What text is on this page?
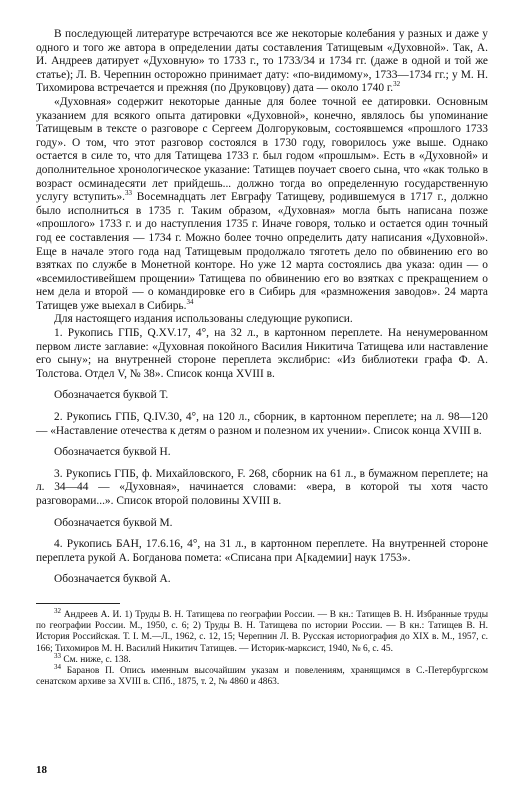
В последующей литературе встречаются все же некоторые колебания у разных и даже у одного и того же автора в определении даты составления Татищевым «Духовной». Так, А. И. Андреев датирует «Духовную» то 1733 г., то 1733/34 и 1734 гг. (даже в одной и той же статье); Л. В. Черепнин осторожно принимает дату: «по-видимому», 1733—1734 гг.; у М. Н. Тихомирова встречается и прежняя (по Друковцову) дата — около 1740 г.$^{32}$

«Духовная» содержит некоторые данные для более точной ее датировки. Основным указанием для всякого опыта датировки «Духовной», конечно, являлось бы упоминание Татищевым в тексте о разговоре с Сергеем Долгоруковым, состоявшемся «прошлого 1733 году». О том, что этот разговор состоялся в 1730 году, говорилось уже выше. Однако остается в силе то, что для Татищева 1733 г. был годом «прошлым». Есть в «Духовной» и дополнительное хронологическое указание: Татищев поучает своего сына, что «как только в возраст осминадесяти лет прийдешь... должно тогда во определенную государственную услугу вступить».$^{33}$ Восемнадцать лет Евграфу Татищеву, родившемуся в 1717 г., должно было исполниться в 1735 г. Таким образом, «Духовная» могла быть написана позже «прошлого» 1733 г. и до наступления 1735 г. Иначе говоря, только и остается один точный год ее составления — 1734 г. Можно более точно определить дату написания «Духовной». Еще в начале этого года над Татищевым продолжало тяготеть дело по обвинению его во взятках по службе в Монетной конторе. Но уже 12 марта состоялись два указа: один — о «всемилостивейшем прощении» Татищева по обвинению его во взятках с прекращением о нем дела и второй — о командировке его в Сибирь для «размножения заводов». 24 марта Татищев уже выехал в Сибирь.$^{34}$

Для настоящего издания использованы следующие рукописи.

1. Рукопись ГПБ, Q.XV.17, 4°, на 32 л., в картонном переплете. На ненумерованном первом листе заглавие: «Духовная покойного Василия Никитича Татищева или наставление его сыну»; на внутренней стороне переплета экслибрис: «Из библиотеки графа Ф. А. Толстова. Отдел V, № 38». Список конца XVIII в.

Обозначается буквой Т.

2. Рукопись ГПБ, Q.IV.30, 4°, на 120 л., сборник, в картонном переплете; на л. 98—120 — «Наставление отечества к детям о разном и полезном их учении». Список конца XVIII в.

Обозначается буквой Н.

3. Рукопись ГПБ, ф. Михайловского, F. 268, сборник на 61 л., в бумажном переплете; на л. 34—44 — «Духовная», начинается словами: «вера, в которой ты хотя часто разговорами...». Список второй половины XVIII в.

Обозначается буквой М.

4. Рукопись БАН, 17.6.16, 4°, на 31 л., в картонном переплете. На внутренней стороне переплета рукой А. Богданова помета: «Списана при А[кадемии] наук 1753».

Обозначается буквой А.

$^{32}$ Андреев А. И. 1) Труды В. Н. Татищева по географии России. — В кн.: Татищев В. Н. Избранные труды по географии России. М., 1950, с. 6; 2) Труды В. Н. Татищева по истории России. — В кн.: Татищев В. Н. История Российская. Т. I. М.—Л., 1962, с. 12, 15; Черепнин Л. В. Русская историография до XIX в. М., 1957, с. 166; Тихомиров М. Н. Василий Никитич Татищев. — Историк-марксист, 1940, № 6, с. 45.

$^{33}$ См. ниже, с. 138.

$^{34}$ Баранов П. Опись именным высочайшим указам и повелениям, хранящимся в С.-Петербургском сенатском архиве за XVIII в. СПб., 1875, т. 2, № 4860 и 4863.

18
